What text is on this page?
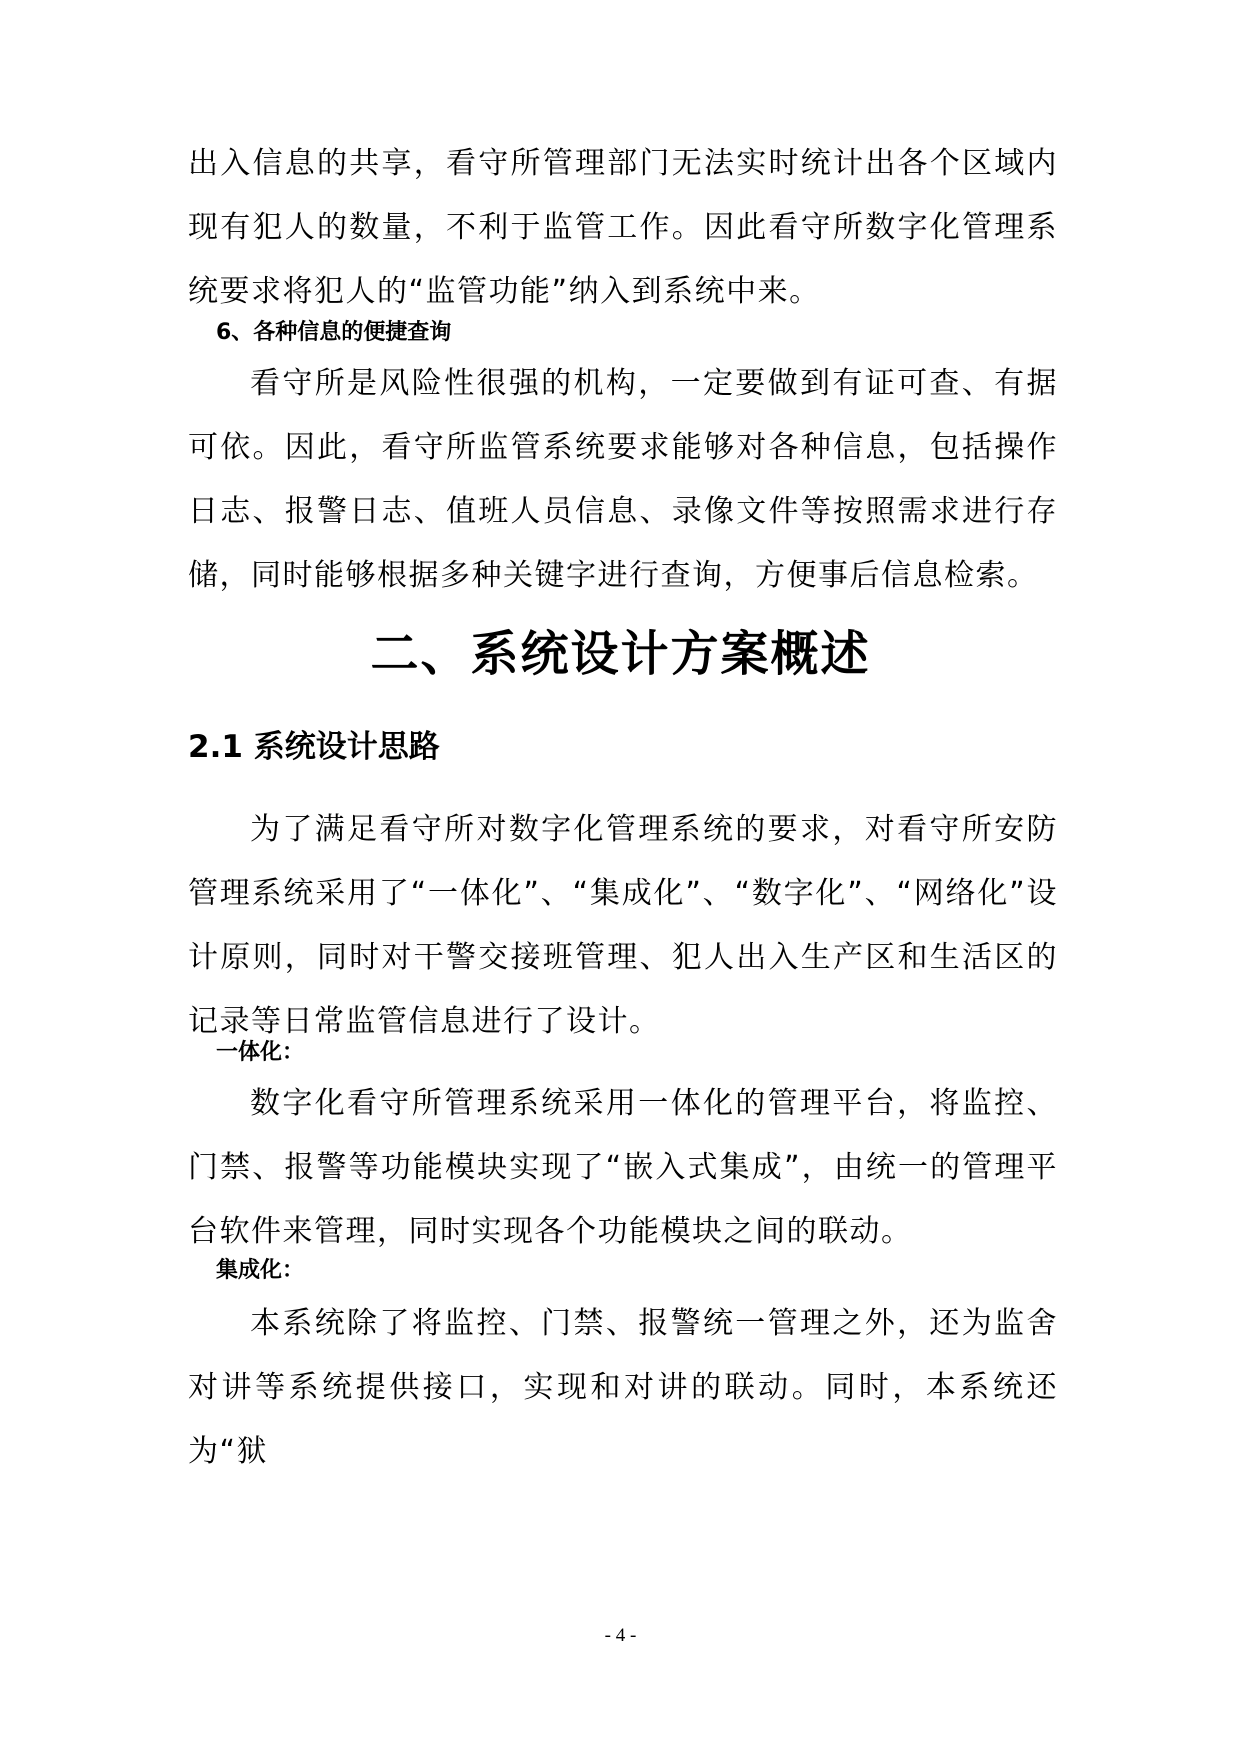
出入信息的共享，看守所管理部门无法实时统计出各个区域内现有犯人的数量，不利于监管工作。因此看守所数字化管理系统要求将犯人的“监管功能”纳入到系统中来。

6、各种信息的便捷查询

看守所是风险性很强的机构，一定要做到有证可查、有据可依。因此，看守所监管系统要求能够对各种信息，包括操作日志、报警日志、值班人员信息、录像文件等按照需求进行存储，同时能够根据多种关键字进行查询，方便事后信息检索。

二、系统设计方案概述
2.1 系统设计思路

为了满足看守所对数字化管理系统的要求，对看守所安防管理系统采用了“一体化”、“集成化”、“数字化”、“网络化”设计原则，同时对干警交接班管理、犯人出入生产区和生活区的记录等日常监管信息进行了设计。

一体化：

数字化看守所管理系统采用一体化的管理平台，将监控、门禁、报警等功能模块实现了“嵌入式集成”，由统一的管理平台软件来管理，同时实现各个功能模块之间的联动。

集成化：

本系统除了将监控、门禁、报警统一管理之外，还为监舍对讲等系统提供接口，实现和对讲的联动。同时，本系统还为“狱

- 4 -
